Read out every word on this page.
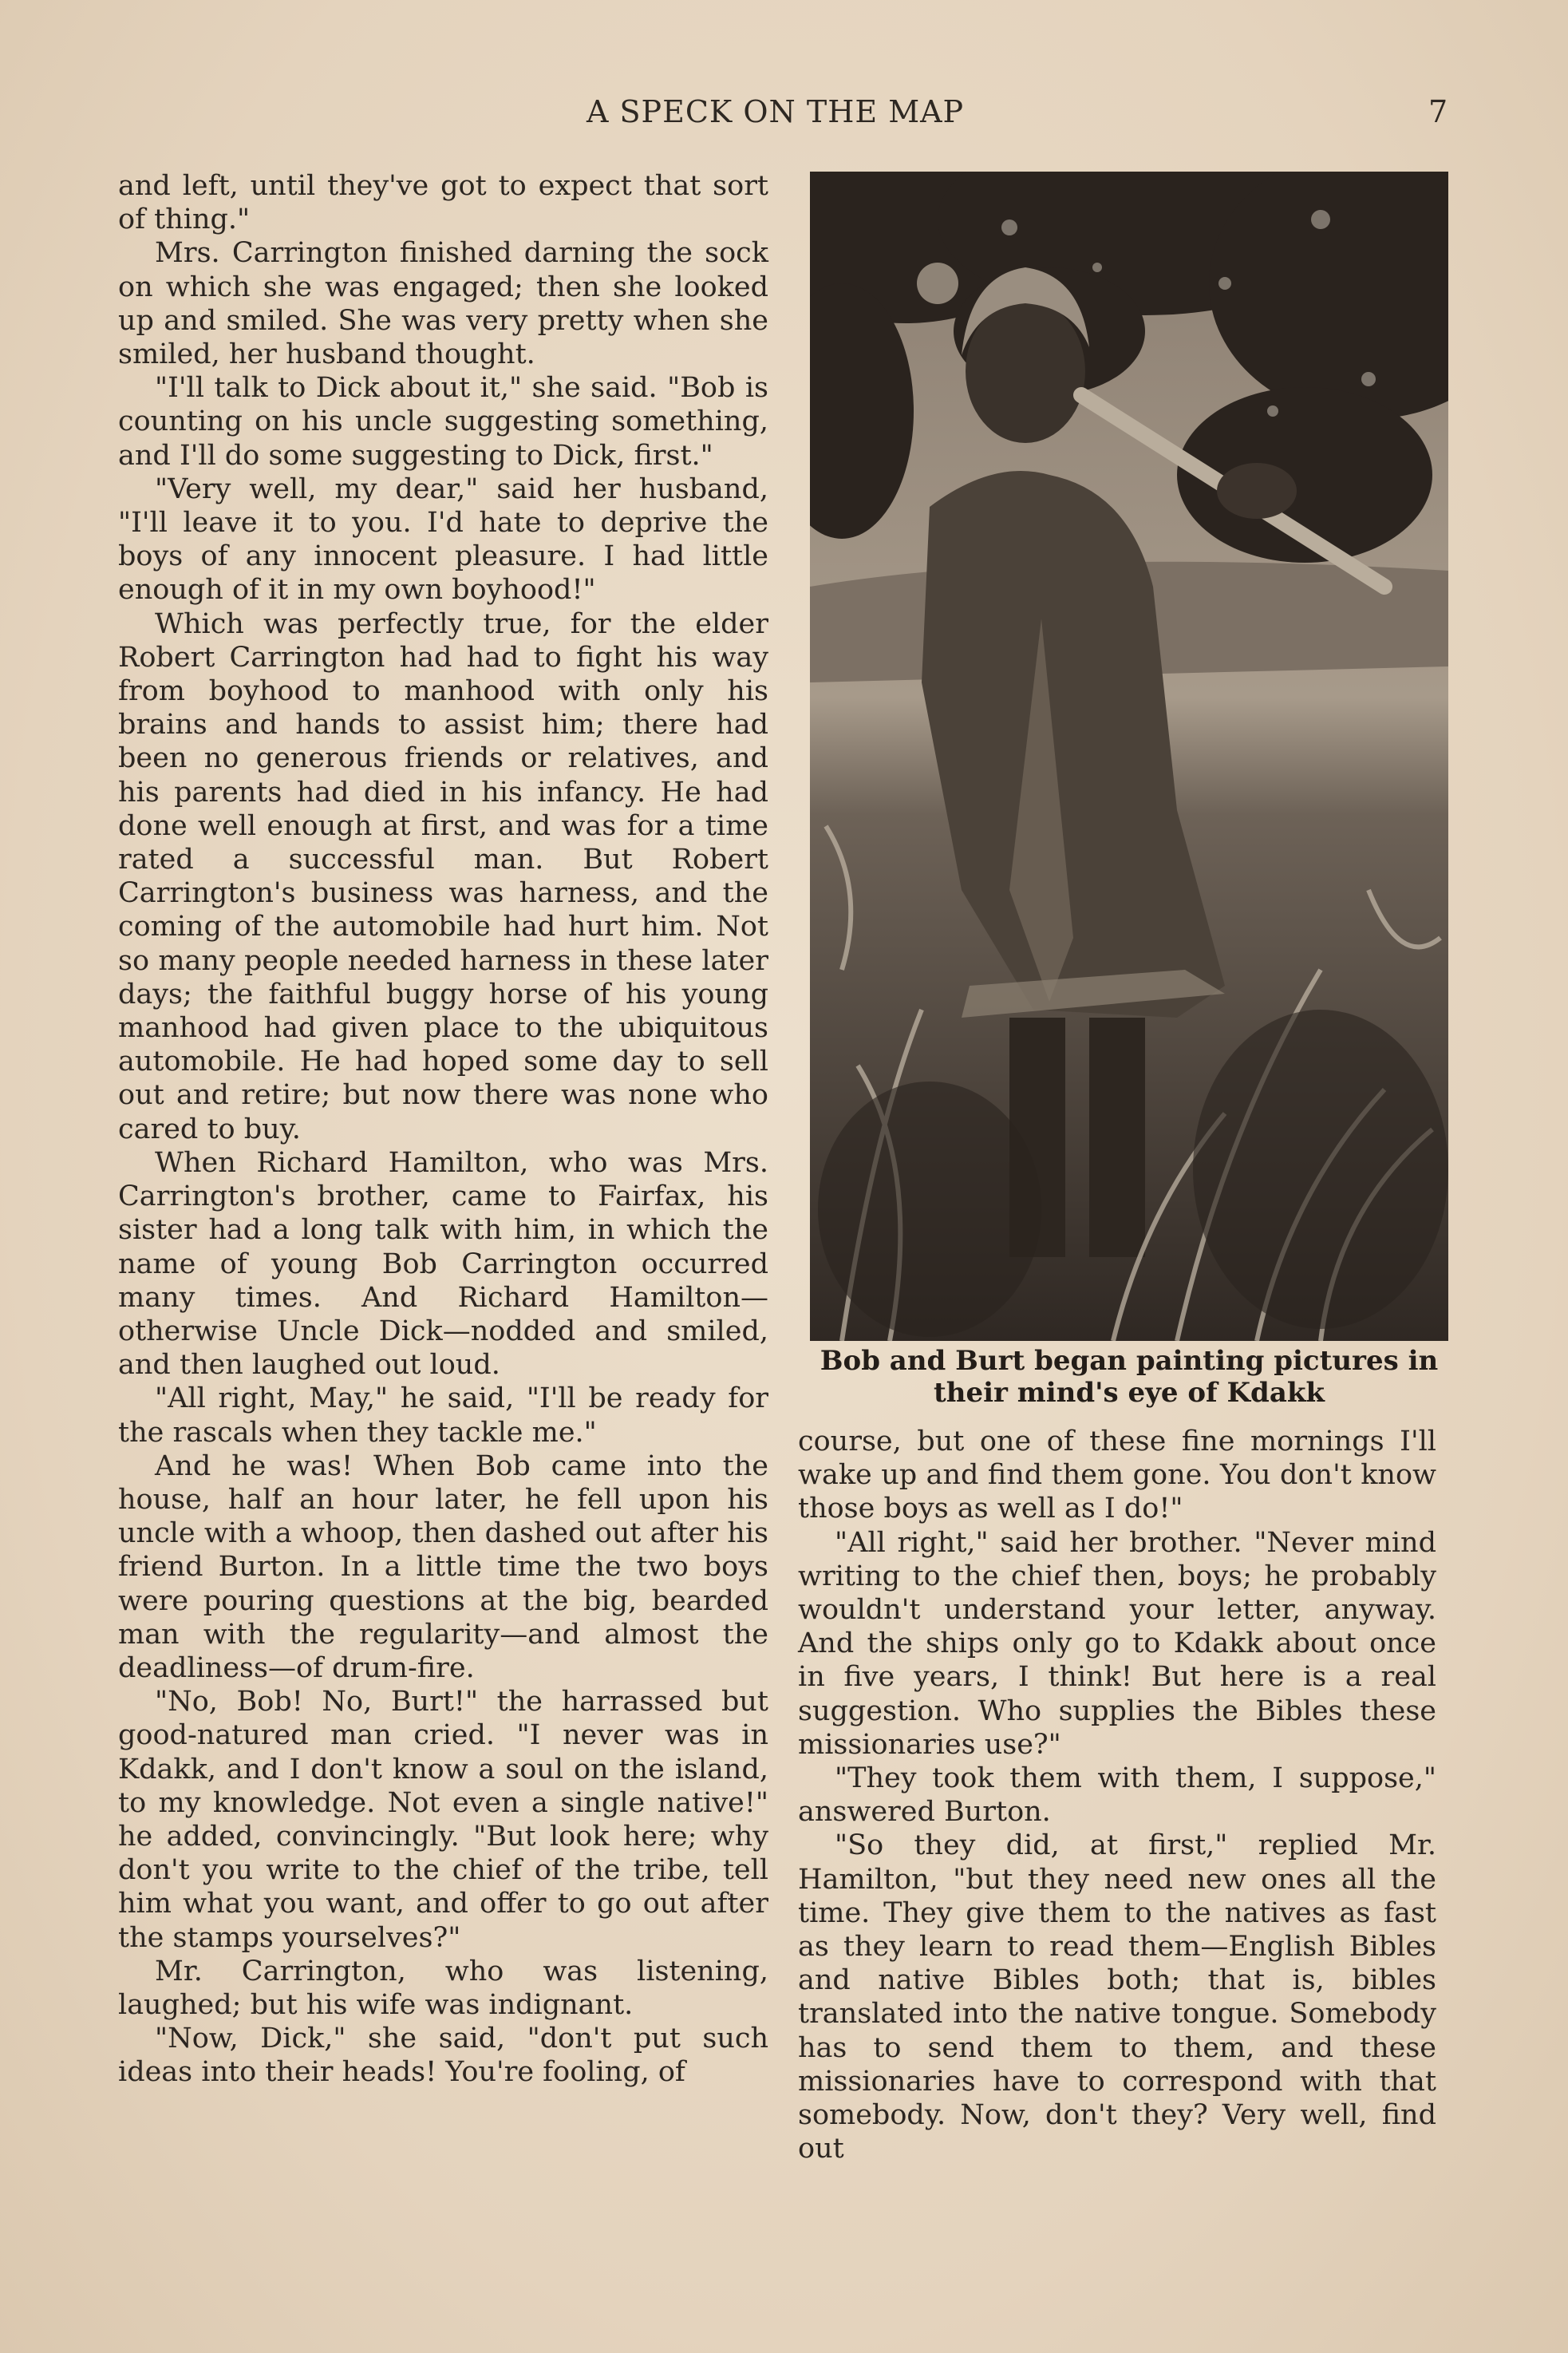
A SPECK ON THE MAP	7

and left, until they've got to expect that sort of thing."

Mrs. Carrington finished darning the sock on which she was engaged; then she looked up and smiled. She was very pretty when she smiled, her husband thought.

"I'll talk to Dick about it," she said. "Bob is counting on his uncle suggesting something, and I'll do some suggesting to Dick, first."

"Very well, my dear," said her husband, "I'll leave it to you. I'd hate to deprive the boys of any innocent pleasure. I had little enough of it in my own boyhood!"

Which was perfectly true, for the elder Robert Carrington had had to fight his way from boyhood to manhood with only his brains and hands to assist him; there had been no generous friends or relatives, and his parents had died in his infancy. He had done well enough at first, and was for a time rated a successful man. But Robert Carrington's business was harness, and the coming of the automobile had hurt him. Not so many people needed harness in these later days; the faithful buggy horse of his young manhood had given place to the ubiquitous automobile. He had hoped some day to sell out and retire; but now there was none who cared to buy.

When Richard Hamilton, who was Mrs. Carrington's brother, came to Fairfax, his sister had a long talk with him, in which the name of young Bob Carrington occurred many times. And Richard Hamilton—otherwise Uncle Dick—nodded and smiled, and then laughed out loud.

"All right, May," he said, "I'll be ready for the rascals when they tackle me."

And he was! When Bob came into the house, half an hour later, he fell upon his uncle with a whoop, then dashed out after his friend Burton. In a little time the two boys were pouring questions at the big, bearded man with the regularity—and almost the deadliness—of drum-fire.

"No, Bob! No, Burt!" the harrassed but good-natured man cried. "I never was in Kdakk, and I don't know a soul on the island, to my knowledge. Not even a single native!" he added, convincingly. "But look here; why don't you write to the chief of the tribe, tell him what you want, and offer to go out after the stamps yourselves?"

Mr. Carrington, who was listening, laughed; but his wife was indignant.

"Now, Dick," she said, "don't put such ideas into their heads! You're fooling, of

Bob and Burt began painting pictures in their mind's eye of Kdakk

course, but one of these fine mornings I'll wake up and find them gone. You don't know those boys as well as I do!"

"All right," said her brother. "Never mind writing to the chief then, boys; he probably wouldn't understand your letter, anyway. And the ships only go to Kdakk about once in five years, I think! But here is a real suggestion. Who supplies the Bibles these missionaries use?"

"They took them with them, I suppose," answered Burton.

"So they did, at first," replied Mr. Hamilton, "but they need new ones all the time. They give them to the natives as fast as they learn to read them—English Bibles and native Bibles both; that is, bibles translated into the native tongue. Somebody has to send them to them, and these missionaries have to correspond with that somebody. Now, don't they? Very well, find out
